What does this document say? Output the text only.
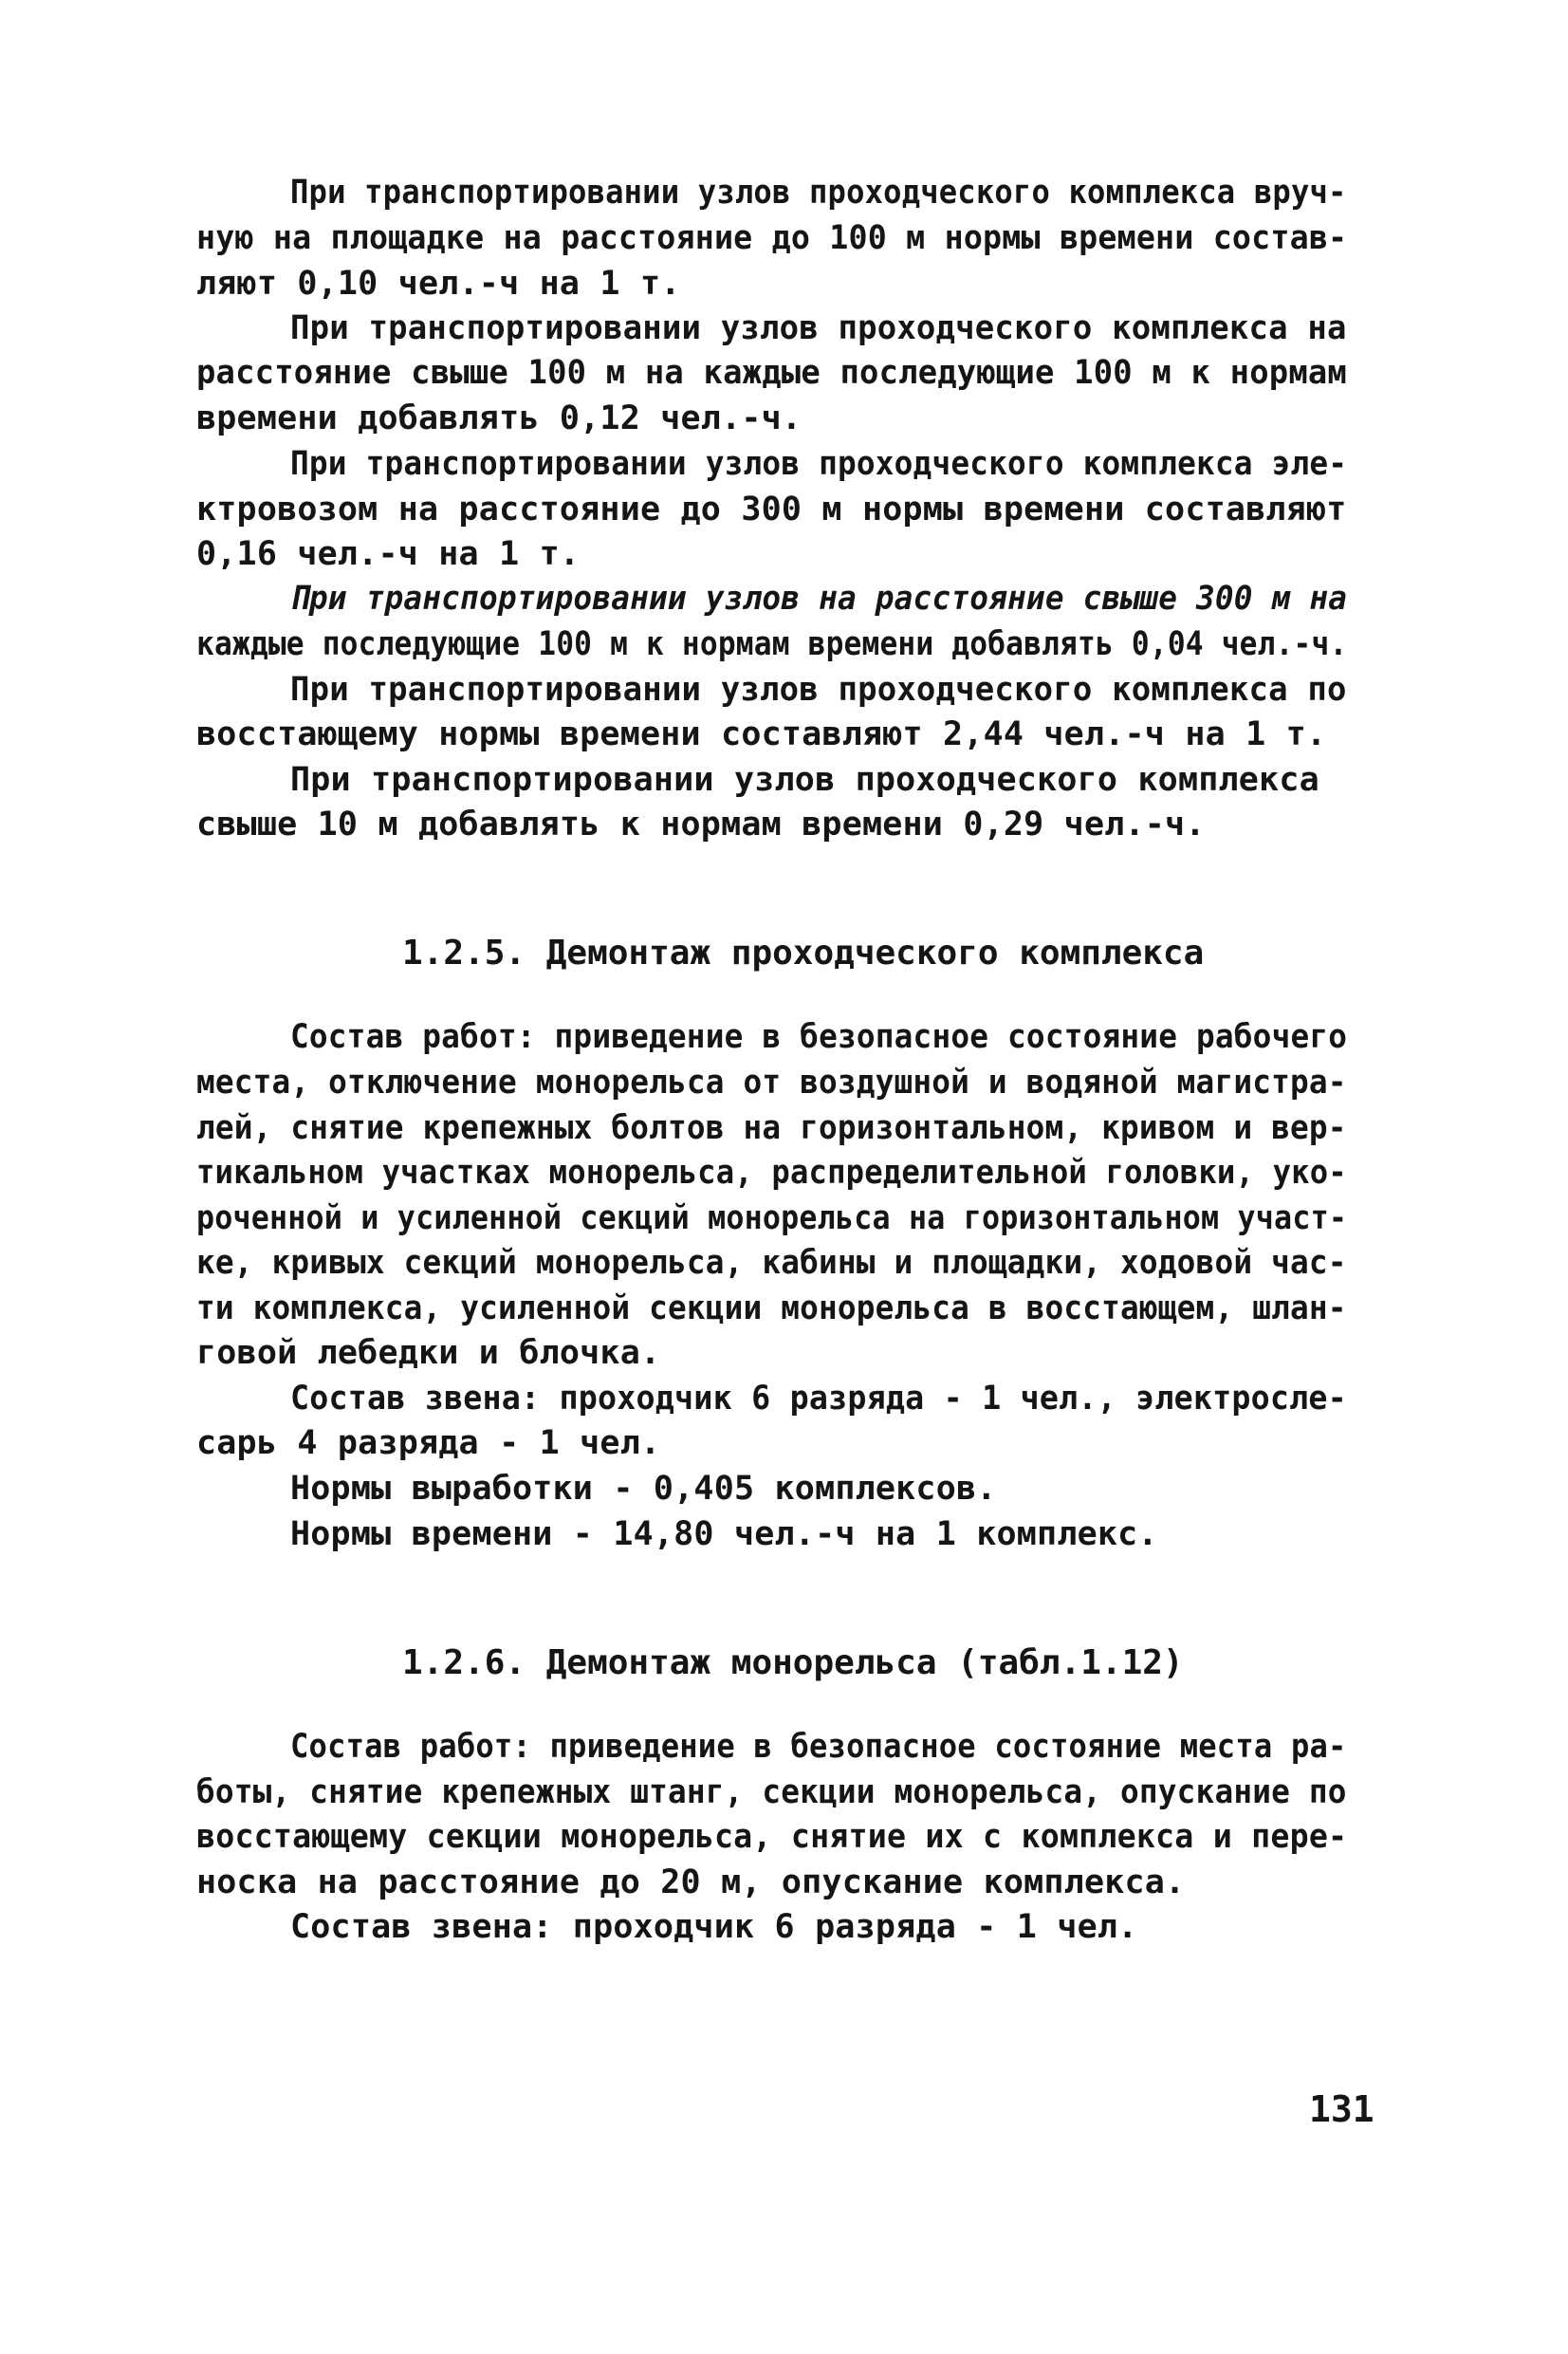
При транспортировании узлов проходческого комплекса вруч-
ную на площадке на расстояние до 100 м нормы времени состав-
ляют 0,10 чел.-ч на 1 т.
При транспортировании узлов проходческого комплекса на
расстояние свыше 100 м на каждые последующие 100 м к нормам
времени добавлять 0,12 чел.-ч.
При транспортировании узлов проходческого комплекса эле-
ктровозом на расстояние до 300 м нормы времени составляют
0,16 чел.-ч на 1 т.
При транспортировании узлов на расстояние свыше 300 м на
каждые последующие 100 м к нормам времени добавлять 0,04 чел.-ч.
При транспортировании узлов проходческого комплекса по
восстающему нормы времени составляют 2,44 чел.-ч на 1 т.
При транспортировании узлов проходческого комплекса
свыше 10 м добавлять к нормам времени 0,29 чел.-ч.
1.2.5. Демонтаж проходческого комплекса
Состав работ: приведение в безопасное состояние рабочего
места, отключение монорельса от воздушной и водяной магистра-
лей, снятие крепежных болтов на горизонтальном, кривом и вер-
тикальном участках монорельса, распределительной головки, уко-
роченной и усиленной секций монорельса на горизонтальном участ-
ке, кривых секций монорельса, кабины и площадки, ходовой час-
ти комплекса, усиленной секции монорельса в восстающем, шлан-
говой лебедки и блочка.
Состав звена: проходчик 6 разряда - 1 чел., электросле-
сарь 4 разряда - 1 чел.
Нормы выработки - 0,405 комплексов.
Нормы времени - 14,80 чел.-ч на 1 комплекс.
1.2.6. Демонтаж монорельса (табл.1.12)
Состав работ: приведение в безопасное состояние места ра-
боты, снятие крепежных штанг, секции монорельса, опускание по
восстающему секции монорельса, снятие их с комплекса и пере-
носка на расстояние до 20 м, опускание комплекса.
Состав звена: проходчик 6 разряда - 1 чел.
131
